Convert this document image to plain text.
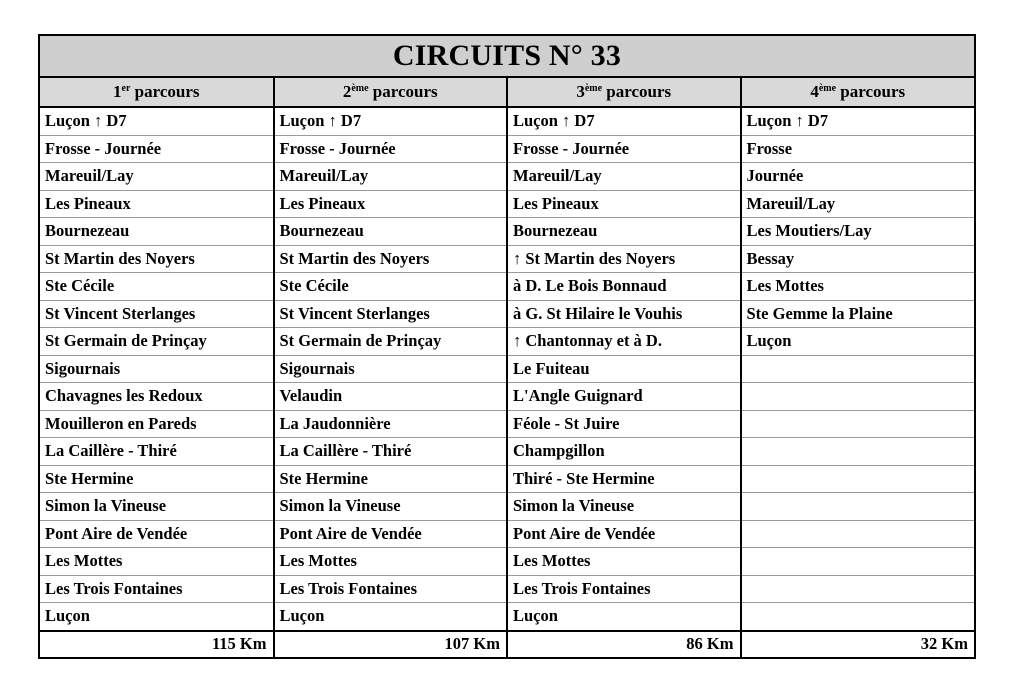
CIRCUITS N° 33
1er parcours	2ème parcours	3ème parcours	4ème parcours
Luçon ↑ D7	Luçon ↑ D7	Luçon ↑ D7	Luçon ↑ D7
Frosse - Journée	Frosse - Journée	Frosse - Journée	Frosse
Mareuil/Lay	Mareuil/Lay	Mareuil/Lay	Journée
Les Pineaux	Les Pineaux	Les Pineaux	Mareuil/Lay
Bournezeau	Bournezeau	Bournezeau	Les Moutiers/Lay
St Martin des Noyers	St Martin des Noyers	↑ St Martin des Noyers	Bessay
Ste Cécile	Ste Cécile	à D. Le Bois Bonnaud	Les Mottes
St Vincent Sterlanges	St Vincent Sterlanges	à G. St Hilaire le Vouhis	Ste Gemme la Plaine
St Germain de Prinçay	St Germain de Prinçay	↑ Chantonnay et à D.	Luçon
Sigournais	Sigournais	Le Fuiteau	
Chavagnes les Redoux	Velaudin	L'Angle Guignard	
Mouilleron en Pareds	La Jaudonnière	Féole - St Juire	
La Caillère - Thiré	La Caillère - Thiré	Champgillon	
Ste Hermine	Ste Hermine	Thiré - Ste Hermine	
Simon la Vineuse	Simon la Vineuse	Simon la Vineuse	
Pont Aire de Vendée	Pont Aire de Vendée	Pont Aire de Vendée	
Les Mottes	Les Mottes	Les Mottes	
Les Trois Fontaines	Les Trois Fontaines	Les Trois Fontaines	
Luçon	Luçon	Luçon	
115 Km	107 Km	86 Km	32 Km
